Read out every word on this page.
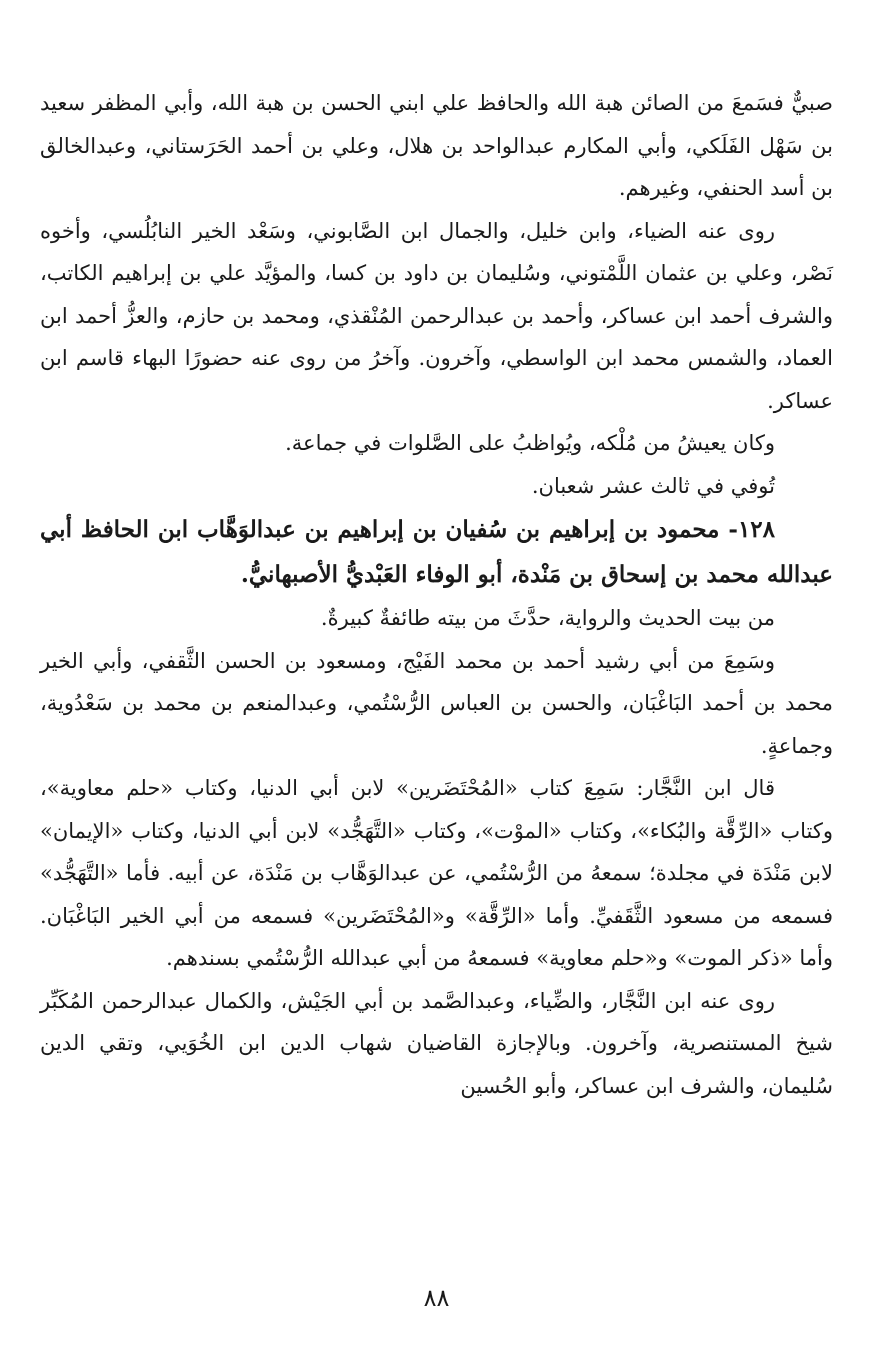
صبيٌّ فسَمعَ من الصائن هبة الله والحافظ علي ابني الحسن بن هبة الله، وأبي المظفر سعيد بن سَهْل الفَلَكي، وأبي المكارم عبدالواحد بن هلال، وعلي بن أحمد الحَرَستاني، وعبدالخالق بن أسد الحنفي، وغيرهم.

روى عنه الضياء، وابن خليل، والجمال ابن الصَّابوني، وسَعْد الخير النابُلُسي، وأخوه نَصْر، وعلي بن عثمان اللَّمْتوني، وسُليمان بن داود بن كسا، والمؤيَّد علي بن إبراهيم الكاتب، والشرف أحمد ابن عساكر، وأحمد بن عبدالرحمن المُنْقذي، ومحمد بن حازم، والعزُّ أحمد ابن العماد، والشمس محمد ابن الواسطي، وآخرون. وآخرُ من روى عنه حضورًا البهاء قاسم ابن عساكر.

وكان يعيشُ من مُلْكه، ويُواظبُ على الصَّلوات في جماعة.

تُوفي في ثالث عشر شعبان.

١٢٨- محمود بن إبراهيم بن سُفيان بن إبراهيم بن عبدالوَهَّاب ابن الحافظ أبي عبدالله محمد بن إسحاق بن مَنْدة، أبو الوفاء العَبْديُّ الأصبهانيُّ.

من بيت الحديث والرواية، حدَّثَ من بيته طائفةٌ كبيرةٌ.

وسَمِعَ من أبي رشيد أحمد بن محمد الفَيْج، ومسعود بن الحسن الثَّقفي، وأبي الخير محمد بن أحمد البَاغْبَان، والحسن بن العباس الرُّسْتُمي، وعبدالمنعم بن محمد بن سَعْدُوية، وجماعةٍ.

قال ابن النَّجَّار: سَمِعَ كتاب «المُحْتَضَرين» لابن أبي الدنيا، وكتاب «حلم معاوية»، وكتاب «الرِّقَّة والبُكاء»، وكتاب «الموْت»، وكتاب «التَّهَجُّد» لابن أبي الدنيا، وكتاب «الإيمان» لابن مَنْدَة في مجلدة؛ سمعهُ من الرُّسْتُمي، عن عبدالوَهَّاب بن مَنْدَة، عن أبيه. فأما «التَّهَجُّد» فسمعه من مسعود الثَّقَفيِّ. وأما «الرِّقَّة» و«المُحْتَضَرين» فسمعه من أبي الخير البَاغْبَان. وأما «ذكر الموت» و«حلم معاوية» فسمعهُ من أبي عبدالله الرُّسْتُمي بسندهم.

روى عنه ابن النَّجَّار، والضِّياء، وعبدالصَّمد بن أبي الجَيْش، والكمال عبدالرحمن المُكَبِّر شيخ المستنصرية، وآخرون. وبالإجازة القاضيان شهاب الدين ابن الخُوَيي، وتقي الدين سُليمان، والشرف ابن عساكر، وأبو الحُسين

٨٨
